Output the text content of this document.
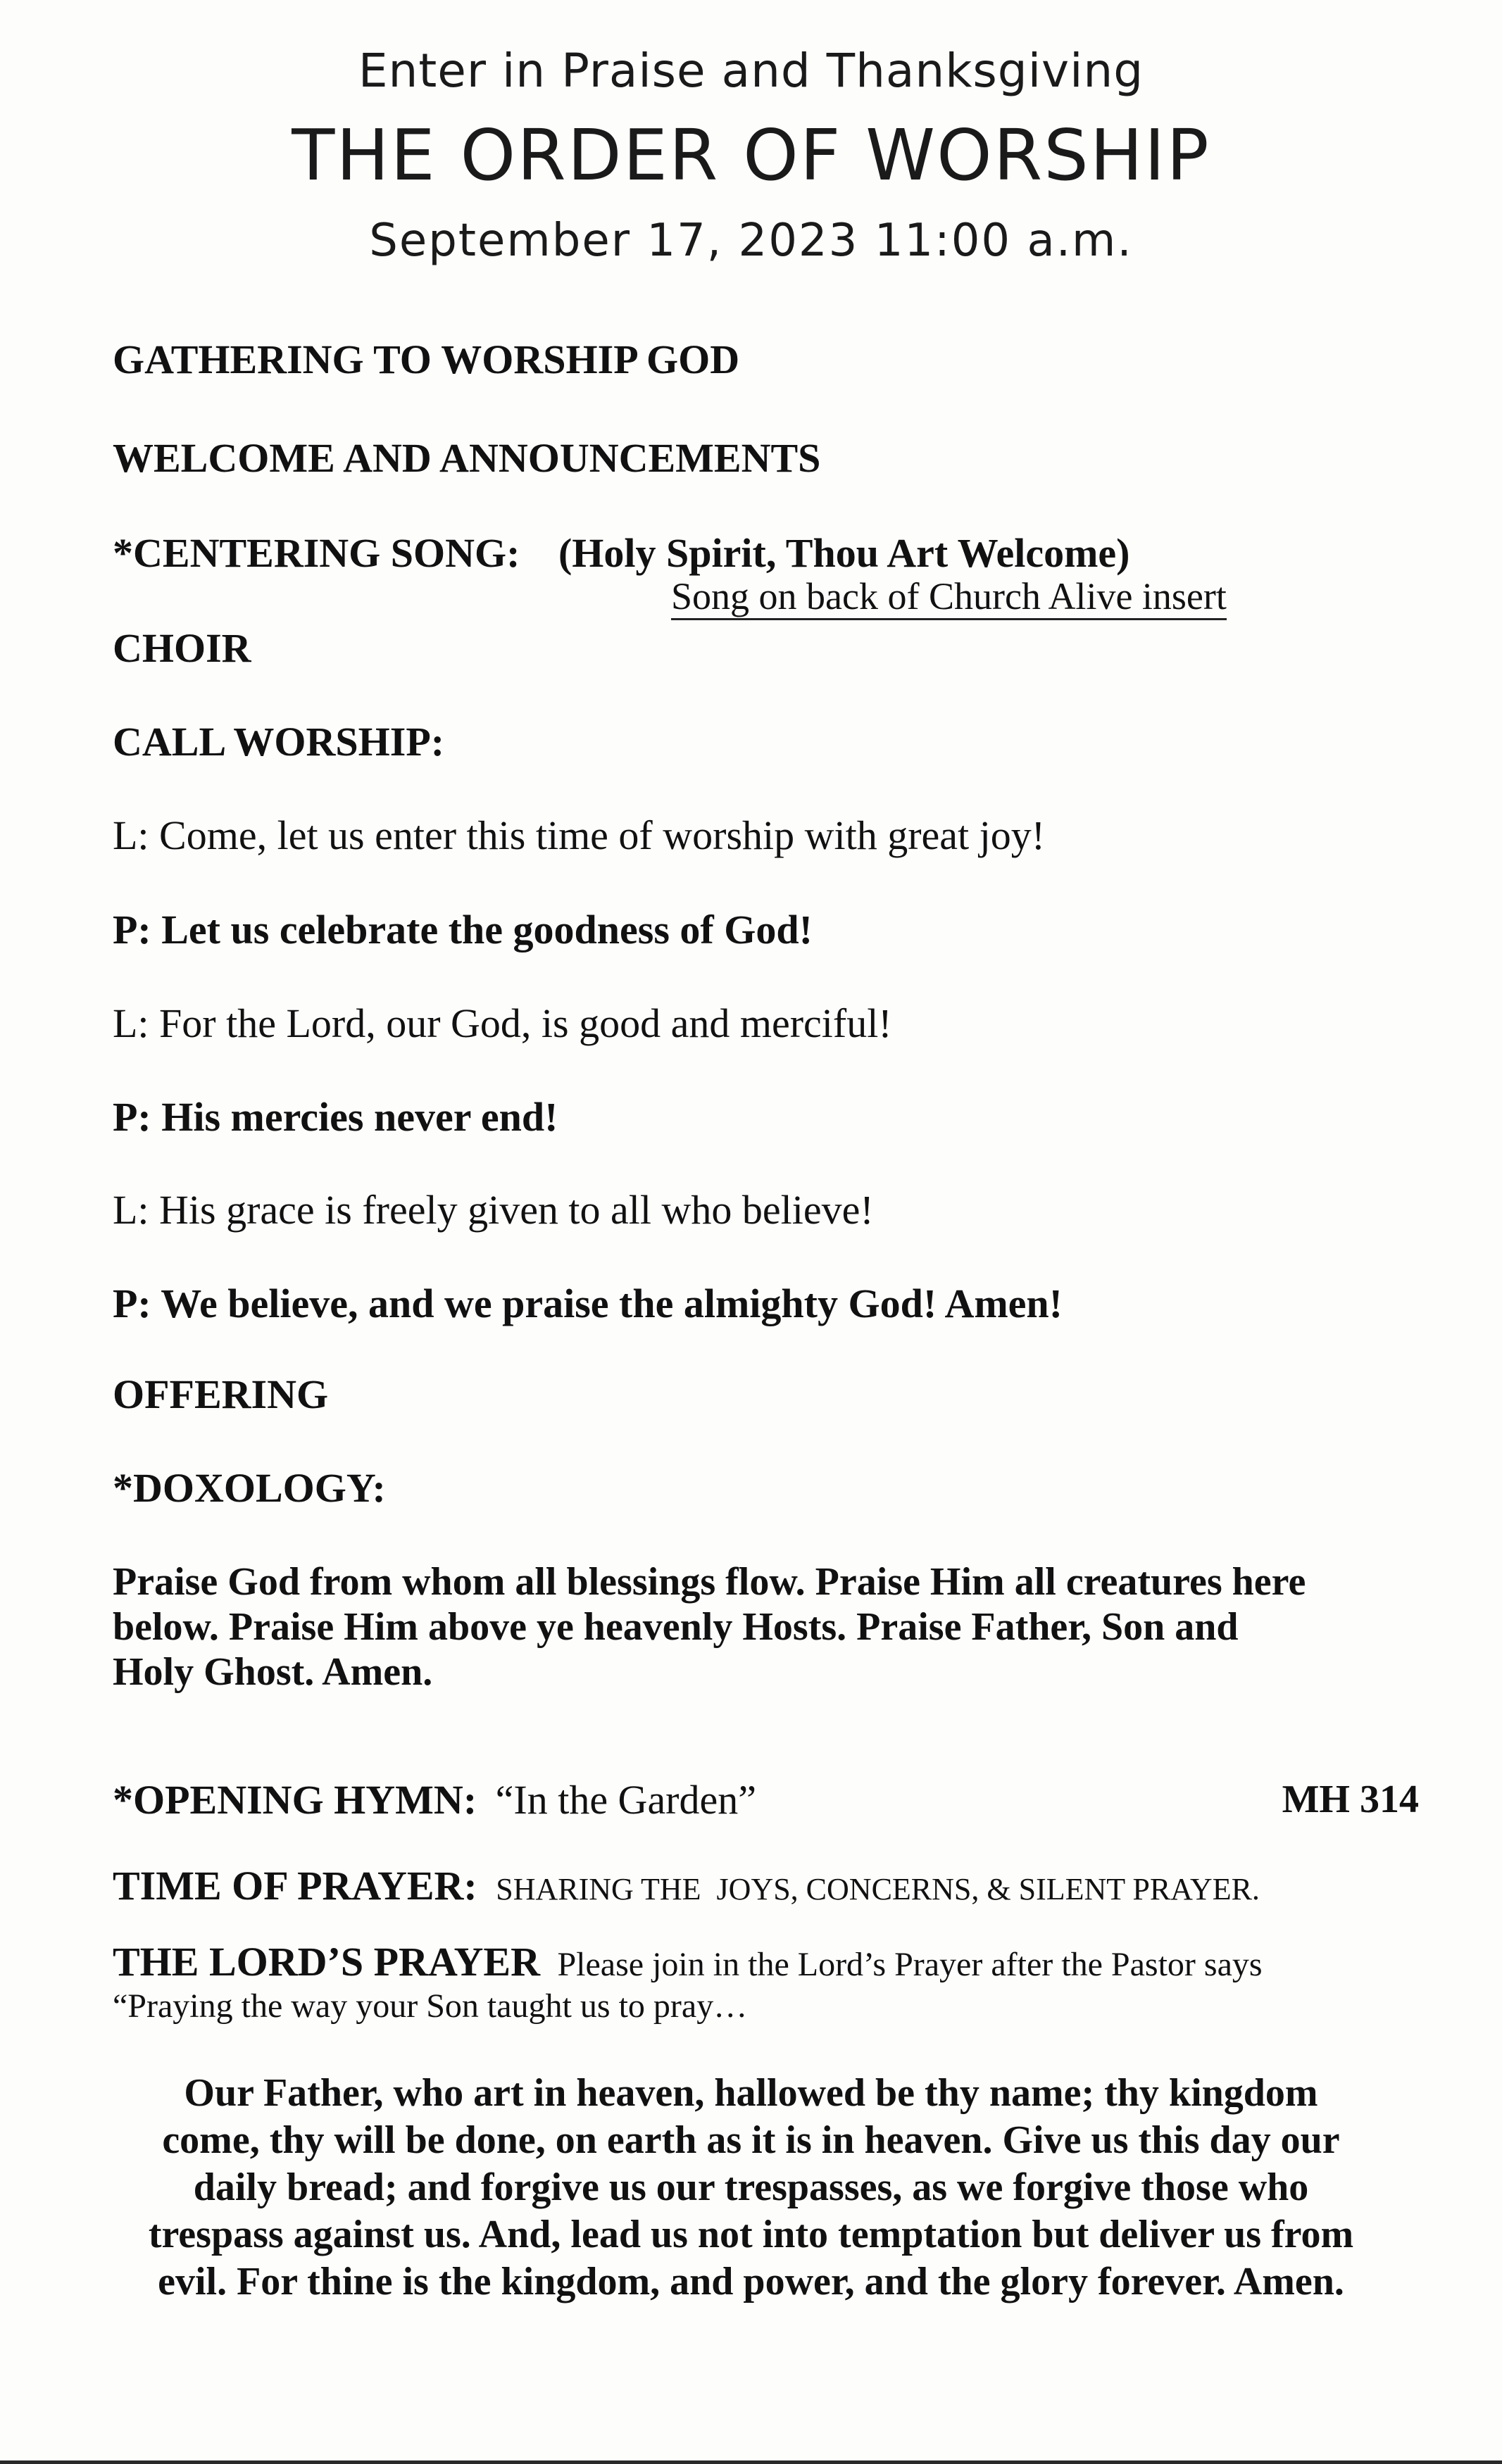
Enter in Praise and Thanksgiving
THE ORDER OF WORSHIP
September 17, 2023 11:00 a.m.
GATHERING TO WORSHIP GOD
WELCOME AND ANNOUNCEMENTS
*CENTERING SONG: (Holy Spirit, Thou Art Welcome)
Song on back of Church Alive insert
CHOIR
CALL WORSHIP:
L: Come, let us enter this time of worship with great joy!
P: Let us celebrate the goodness of God!
L: For the Lord, our God, is good and merciful!
P: His mercies never end!
L: His grace is freely given to all who believe!
P: We believe, and we praise the almighty God! Amen!
OFFERING
*DOXOLOGY:
Praise God from whom all blessings flow. Praise Him all creatures here
below. Praise Him above ye heavenly Hosts. Praise Father, Son and
Holy Ghost. Amen.
*OPENING HYMN: “In the Garden”	MH 314
TIME OF PRAYER: SHARING THE  JOYS, CONCERNS, & SILENT PRAYER.
THE LORD’S PRAYER Please join in the Lord’s Prayer after the Pastor says
“Praying the way your Son taught us to pray…
Our Father, who art in heaven, hallowed be thy name; thy kingdom
come, thy will be done, on earth as it is in heaven. Give us this day our
daily bread; and forgive us our trespasses, as we forgive those who
trespass against us. And, lead us not into temptation but deliver us from
evil. For thine is the kingdom, and power, and the glory forever. Amen.
